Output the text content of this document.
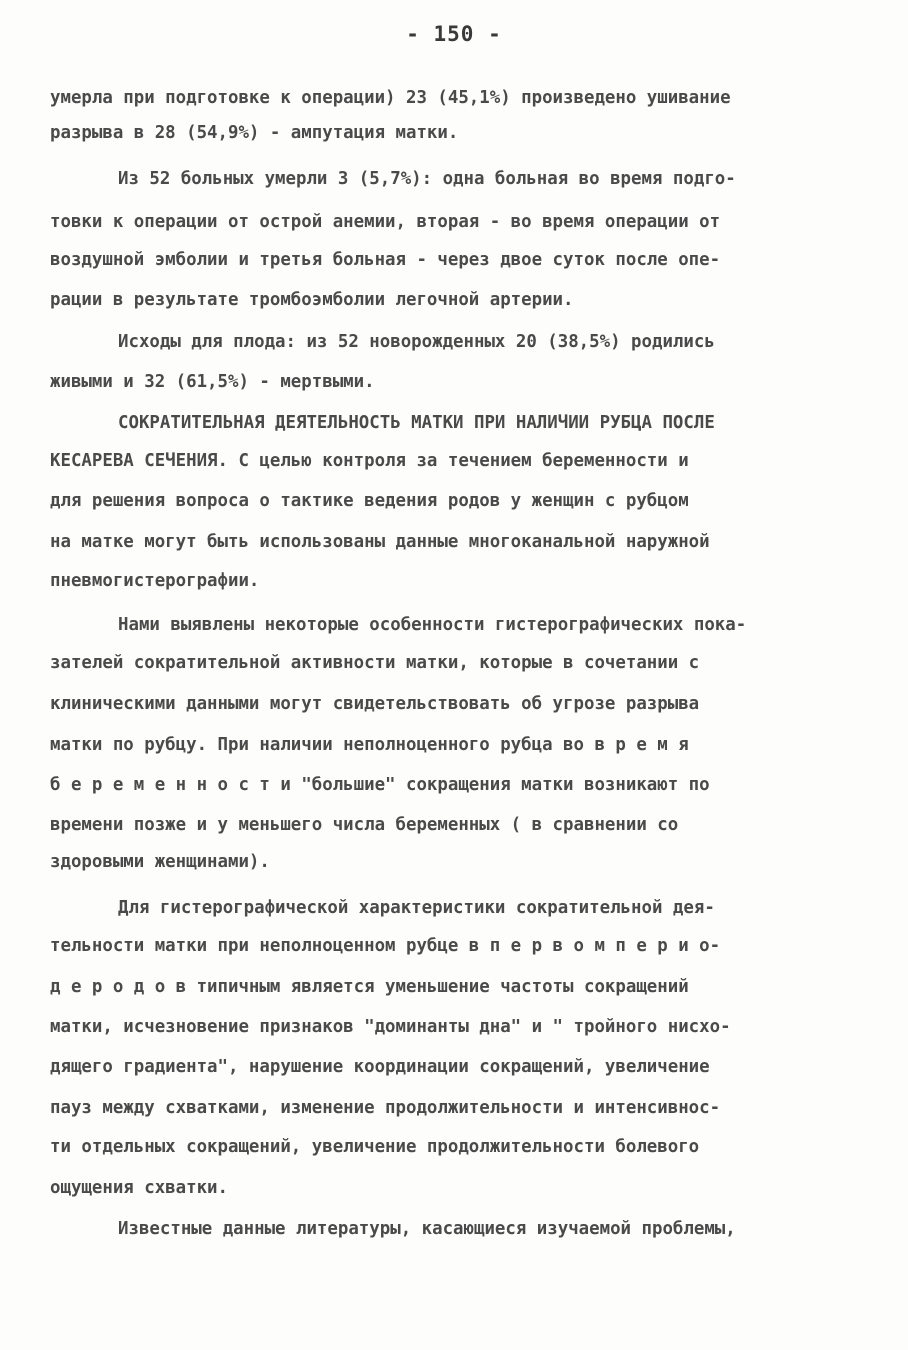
- 150 -
умерла при подготовке к операции) 23 (45,1%) произведено ушивание
разрыва в 28 (54,9%) - ампутация матки.
Из 52 больных умерли 3 (5,7%): одна больная во время подго-
товки к операции от острой анемии, вторая - во время операции от
воздушной эмболии и третья больная - через двое суток после опе-
рации в результате тромбоэмболии легочной артерии.
Исходы для плода: из 52 новорожденных 20 (38,5%) родились
живыми и 32 (61,5%) - мертвыми.
СОКРАТИТЕЛЬНАЯ ДЕЯТЕЛЬНОСТЬ МАТКИ ПРИ НАЛИЧИИ РУБЦА ПОСЛЕ
КЕСАРЕВА СЕЧЕНИЯ. С целью контроля за течением беременности и
для решения вопроса о тактике ведения родов у женщин с рубцом
на матке могут быть использованы данные многоканальной наружной
пневмогистерографии.
Нами выявлены некоторые особенности гистерографических пока-
зателей сократительной активности матки, которые в сочетании с
клиническими данными могут свидетельствовать об угрозе разрыва
матки по рубцу. При наличии неполноценного рубца во в р е м я
б е р е м е н н о с т и "большие" сокращения матки возникают по
времени позже и у меньшего числа беременных ( в сравнении со
здоровыми женщинами).
Для гистерографической характеристики сократительной дея-
тельности матки при неполноценном рубце в п е р в о м п е р и о-
д е р о д о в типичным является уменьшение частоты сокращений
матки, исчезновение признаков "доминанты дна" и " тройного нисхо-
дящего градиента", нарушение координации сокращений, увеличение
пауз между схватками, изменение продолжительности и интенсивнос-
ти отдельных сокращений, увеличение продолжительности болевого
ощущения схватки.
Известные данные литературы, касающиеся изучаемой проблемы,
